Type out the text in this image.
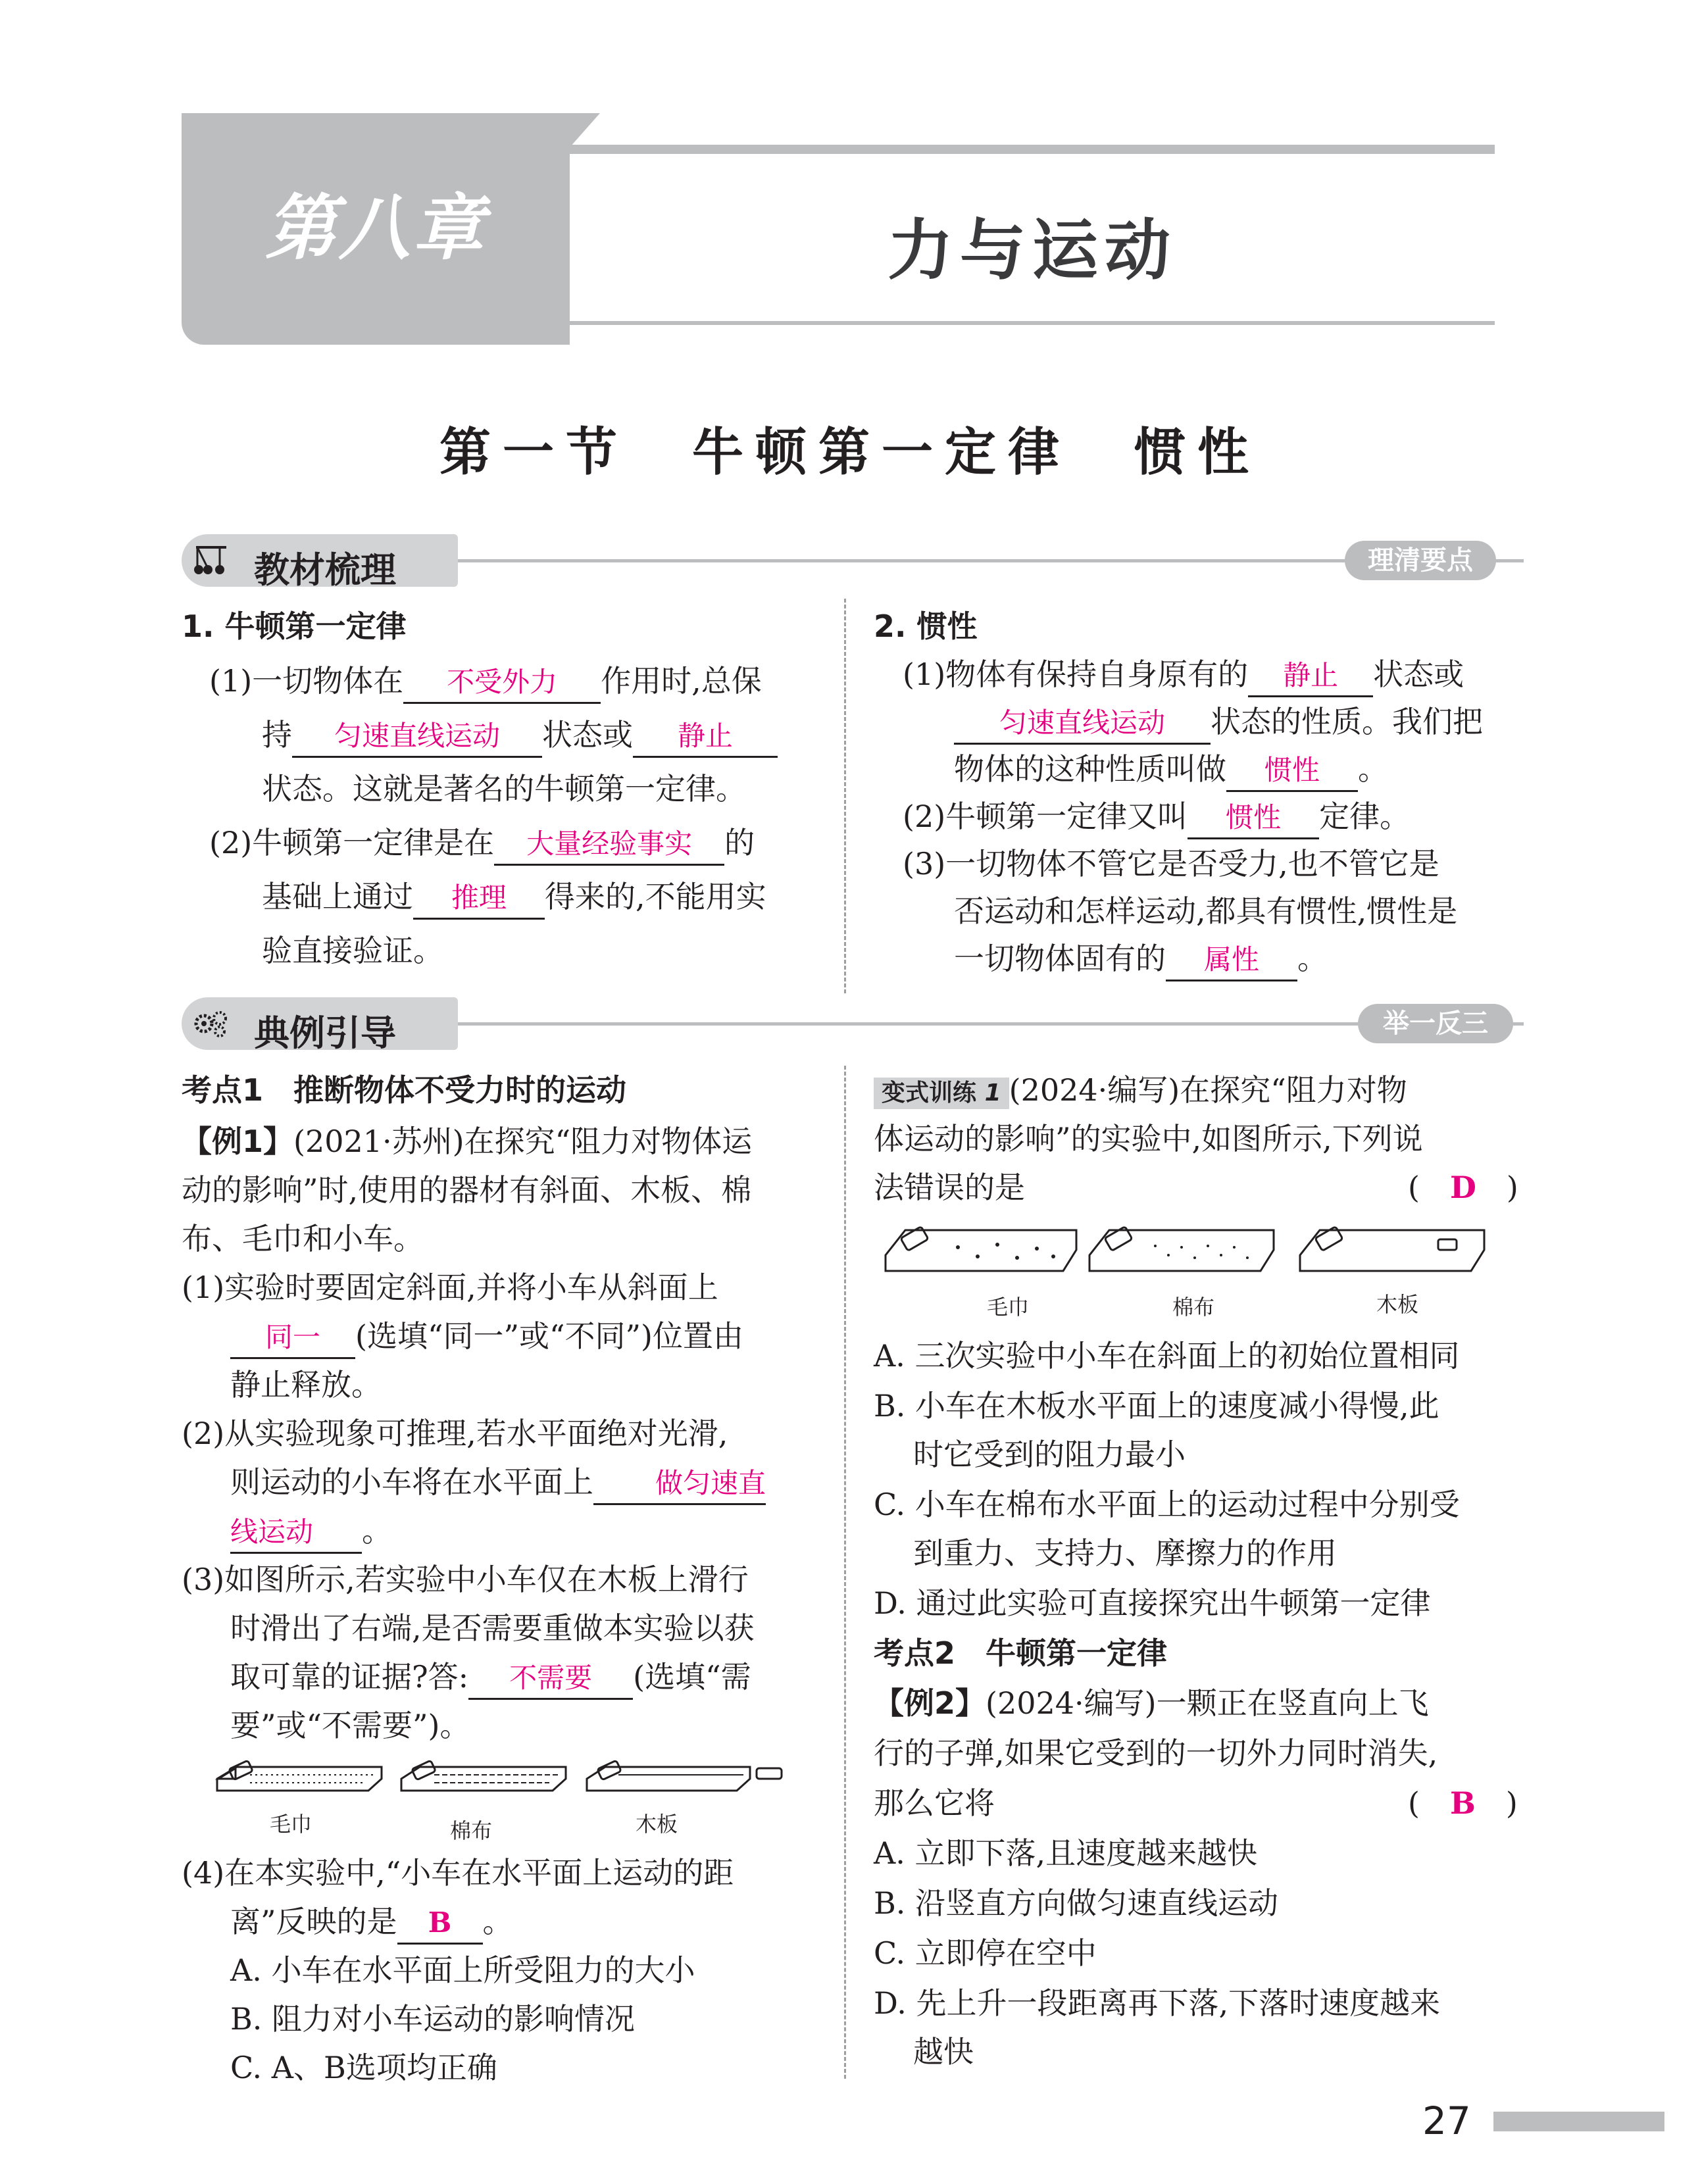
第八章	力与运动
第一节　牛顿第一定律　惯性
教材梳理	理清要点
1. 牛顿第一定律
(1)一切物体在 不受外力 作用时,总保
持 匀速直线运动 状态或 静止
状态。这就是著名的牛顿第一定律。
(2)牛顿第一定律是在 大量经验事实 的
基础上通过 推理 得来的,不能用实
验直接验证。
2. 惯性
(1)物体有保持自身原有的 静止 状态或
匀速直线运动 状态的性质。我们把
物体的这种性质叫做 惯性 。
(2)牛顿第一定律又叫 惯性 定律。
(3)一切物体不管它是否受力,也不管它是
否运动和怎样运动,都具有惯性,惯性是
一切物体固有的 属性 。
典例引导	举一反三
考点1　推断物体不受力时的运动
【例1】(2021·苏州)在探究“阻力对物体运
动的影响”时,使用的器材有斜面、木板、棉
布、毛巾和小车。
(1)实验时要固定斜面,并将小车从斜面上
同一 (选填“同一”或“不同”)位置由
静止释放。
(2)从实验现象可推理,若水平面绝对光滑,
则运动的小车将在水平面上 做匀速直
线运动 。
(3)如图所示,若实验中小车仅在木板上滑行
时滑出了右端,是否需要重做本实验以获
取可靠的证据?答: 不需要 (选填“需
要”或“不需要”)。
毛巾	棉布	木板
(4)在本实验中,“小车在水平面上运动的距
离”反映的是 B 。
A. 小车在水平面上所受阻力的大小
B. 阻力对小车运动的影响情况
C. A、B选项均正确
变式训练 1 (2024·编写)在探究“阻力对物
体运动的影响”的实验中,如图所示,下列说
法错误的是	(　D　)
毛巾	棉布	木板
A. 三次实验中小车在斜面上的初始位置相同
B. 小车在木板水平面上的速度减小得慢,此
时它受到的阻力最小
C. 小车在棉布水平面上的运动过程中分别受
到重力、支持力、摩擦力的作用
D. 通过此实验可直接探究出牛顿第一定律
考点2　牛顿第一定律
【例2】(2024·编写)一颗正在竖直向上飞
行的子弹,如果它受到的一切外力同时消失,
那么它将	(　B　)
A. 立即下落,且速度越来越快
B. 沿竖直方向做匀速直线运动
C. 立即停在空中
D. 先上升一段距离再下落,下落时速度越来
越快
27
